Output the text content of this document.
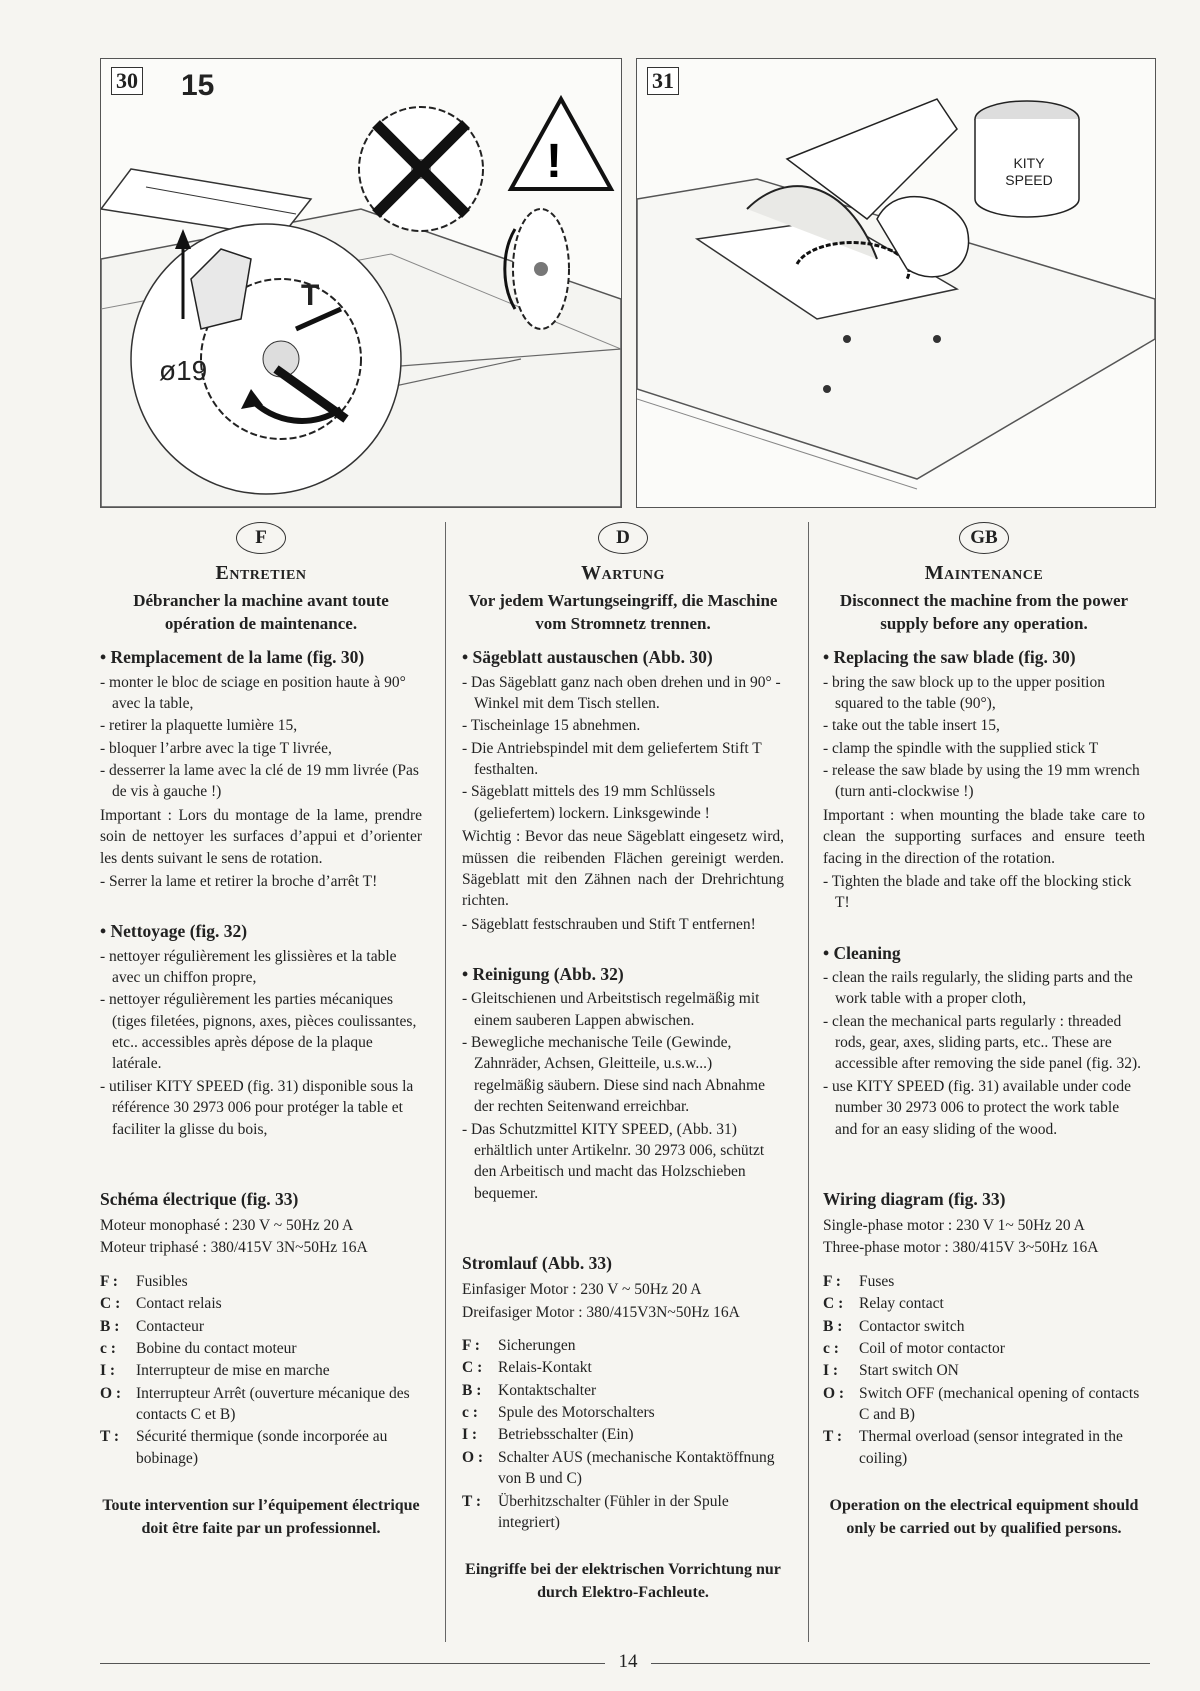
30
!
15
T
ø19
31
KITY
SPEED
F
Entretien
Débrancher la machine avant toute opération de maintenance.
• Remplacement de la lame (fig. 30)
- monter le bloc de sciage en position haute à 90° avec la table,
- retirer la plaquette lumière 15,
- bloquer l’arbre avec la tige T livrée,
- desserrer la lame avec la clé de 19 mm livrée (Pas de vis à gauche !)
Important : Lors du montage de la lame, prendre soin de nettoyer les surfaces d’appui et d’orienter les dents suivant le sens de rotation.
- Serrer la lame et retirer la broche d’arrêt T!
• Nettoyage (fig. 32)
- nettoyer régulièrement les glissières et la table avec un chiffon propre,
- nettoyer régulièrement les parties mécaniques (tiges filetées, pignons, axes, pièces coulissantes, etc.. accessibles après dépose de la plaque latérale.
- utiliser KITY SPEED (fig. 31) disponible sous la référence 30 2973 006 pour protéger la table et faciliter la glisse du bois,
Schéma électrique (fig. 33)
Moteur monophasé : 230 V ~ 50Hz 20 A
Moteur triphasé : 380/415V 3N~50Hz 16A
F :	Fusibles
C :	Contact relais
B :	Contacteur
c :	Bobine du contact moteur
I :	Interrupteur de mise en marche
O : Interrupteur Arrêt (ouverture mécanique des contacts C et B)
T :	Sécurité thermique (sonde incorporée au bobinage)
Toute intervention sur l’équipement électrique doit être faite par un professionnel.
D
Wartung
Vor jedem Wartungseingriff, die Maschine vom Stromnetz trennen.
• Sägeblatt austauschen (Abb. 30)
- Das Sägeblatt ganz nach oben drehen und in 90° -Winkel mit dem Tisch stellen.
- Tischeinlage 15 abnehmen.
- Die Antriebspindel mit dem geliefertem Stift T festhalten.
- Sägeblatt mittels des 19 mm Schlüssels (geliefertem) lockern. Linksgewinde !
Wichtig : Bevor das neue Sägeblatt eingesetz wird, müssen die reibenden Flächen gereinigt werden. Sägeblatt mit den Zähnen nach der Drehrichtung richten.
- Sägeblatt festschrauben und Stift T entfernen!
• Reinigung (Abb. 32)
- Gleitschienen und Arbeitstisch regelmäßig mit einem sauberen Lappen abwischen.
- Bewegliche mechanische Teile (Gewinde, Zahnräder, Achsen, Gleitteile, u.s.w...) regelmäßig säubern. Diese sind nach Abnahme der rechten Seitenwand erreichbar.
- Das Schutzmittel KITY SPEED, (Abb. 31) erhältlich unter Artikelnr. 30 2973 006, schützt den Arbeitisch und macht das Holzschieben bequemer.
Stromlauf (Abb. 33)
Einfasiger Motor : 230 V ~ 50Hz 20 A
Dreifasiger Motor : 380/415V3N~50Hz 16A
F :	Sicherungen
C :	Relais-Kontakt
B :	Kontaktschalter
c :	Spule des Motorschalters
I :	Betriebsschalter (Ein)
O : Schalter AUS (mechanische Kontaktöffnung von B und C)
T :	Überhitzschalter (Fühler in der Spule integriert)
Eingriffe bei der elektrischen Vorrichtung nur durch Elektro-Fachleute.
GB
Maintenance
Disconnect the machine from the power supply before any operation.
• Replacing the saw blade (fig. 30)
- bring the saw block up to the upper position squared to the table (90°),
- take out the table insert 15,
- clamp the spindle with the supplied stick T
- release the saw blade by using the 19 mm wrench (turn anti-clockwise !)
Important : when mounting the blade take care to clean the supporting surfaces and ensure teeth facing in the direction of the rotation.
- Tighten the blade and take off the blocking stick T!
• Cleaning
- clean the rails regularly, the sliding parts and the work table with a proper cloth,
- clean the mechanical parts regularly : threaded rods, gear, axes, sliding parts, etc.. These are accessible after removing the side panel (fig. 32).
- use KITY SPEED (fig. 31) available under code number 30 2973 006 to protect the work table and for an easy sliding of the wood.
Wiring diagram (fig. 33)
Single-phase motor : 230 V 1~ 50Hz 20 A
Three-phase motor : 380/415V 3~50Hz 16A
F :	Fuses
C :	Relay contact
B :	Contactor switch
c :	Coil of motor contactor
I :	Start switch ON
O : Switch OFF (mechanical opening of contacts C and B)
T :	Thermal overload (sensor integrated in the coiling)
Operation on the electrical equipment should only be carried out by qualified persons.
14
